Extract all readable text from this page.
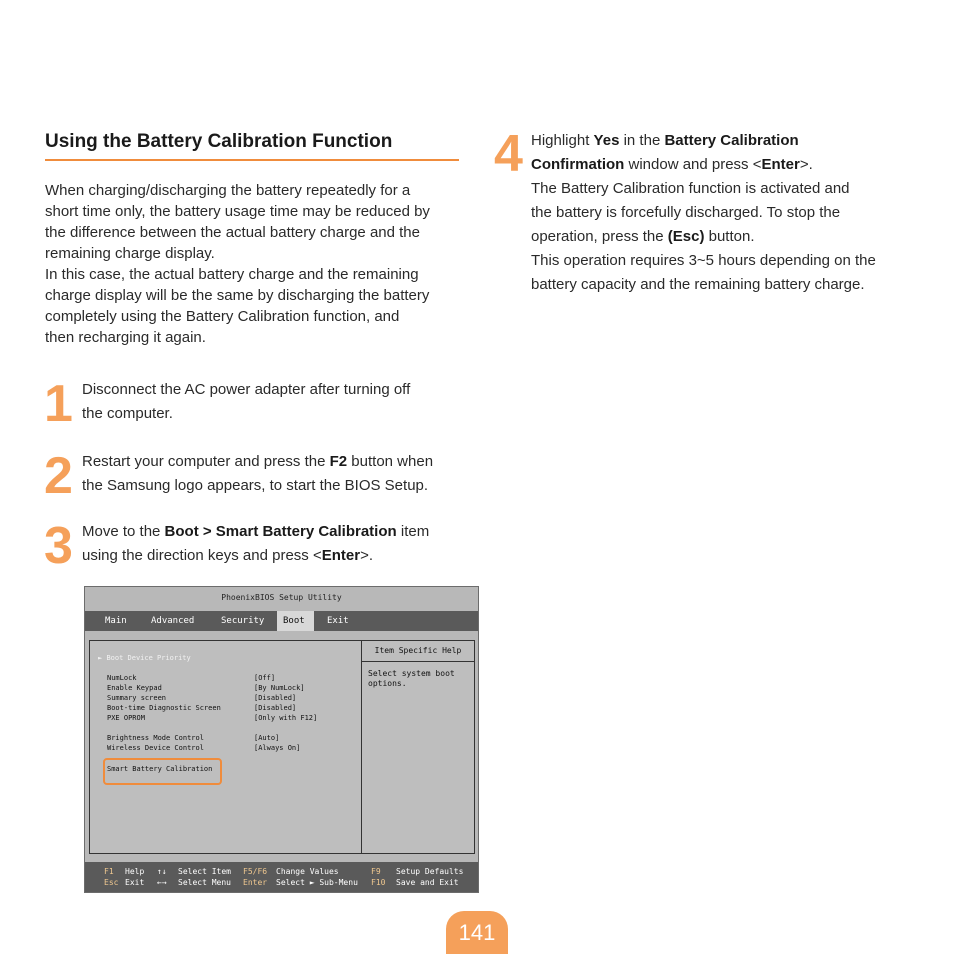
Using the Battery Calibration Function

When charging/discharging the battery repeatedly for a

short time only, the battery usage time may be reduced by

the difference between the actual battery charge and the

remaining charge display.

In this case, the actual battery charge and the remaining

charge display will be the same by discharging the battery

completely using the Battery Calibration function, and

then recharging it again.

1 Disconnect the AC power adapter after turning off
the computer.
2 Restart your computer and press the F2 button when
the Samsung logo appears, to start the BIOS Setup.
3 Move to the Boot > Smart Battery Calibration item
using the direction keys and press <Enter>.
PhoenixBIOS Setup Utility
Main	Advanced	Security	Boot	Exit
► Boot Device Priority
NumLock	[Off]
Enable Keypad	[By NumLock]
Summary screen	[Disabled]
Boot-time Diagnostic Screen	[Disabled]
PXE OPROM	[Only with F12]
Brightness Mode Control	[Auto]
Wireless Device Control	[Always On]
Smart Battery Calibration
Item Specific Help
Select system boot
options.
F1 Help
Esc Exit
↑↓ Select Item
←→ Select Menu
F5/F6 Change Values
Enter Select ► Sub-Menu
F9 Setup Defaults
F10 Save and Exit
4 Highlight Yes in the Battery Calibration
Confirmation window and press <Enter>.
The Battery Calibration function is activated and
the battery is forcefully discharged. To stop the
operation, press the (Esc) button.
This operation requires 3~5 hours depending on the
battery capacity and the remaining battery charge.
141
